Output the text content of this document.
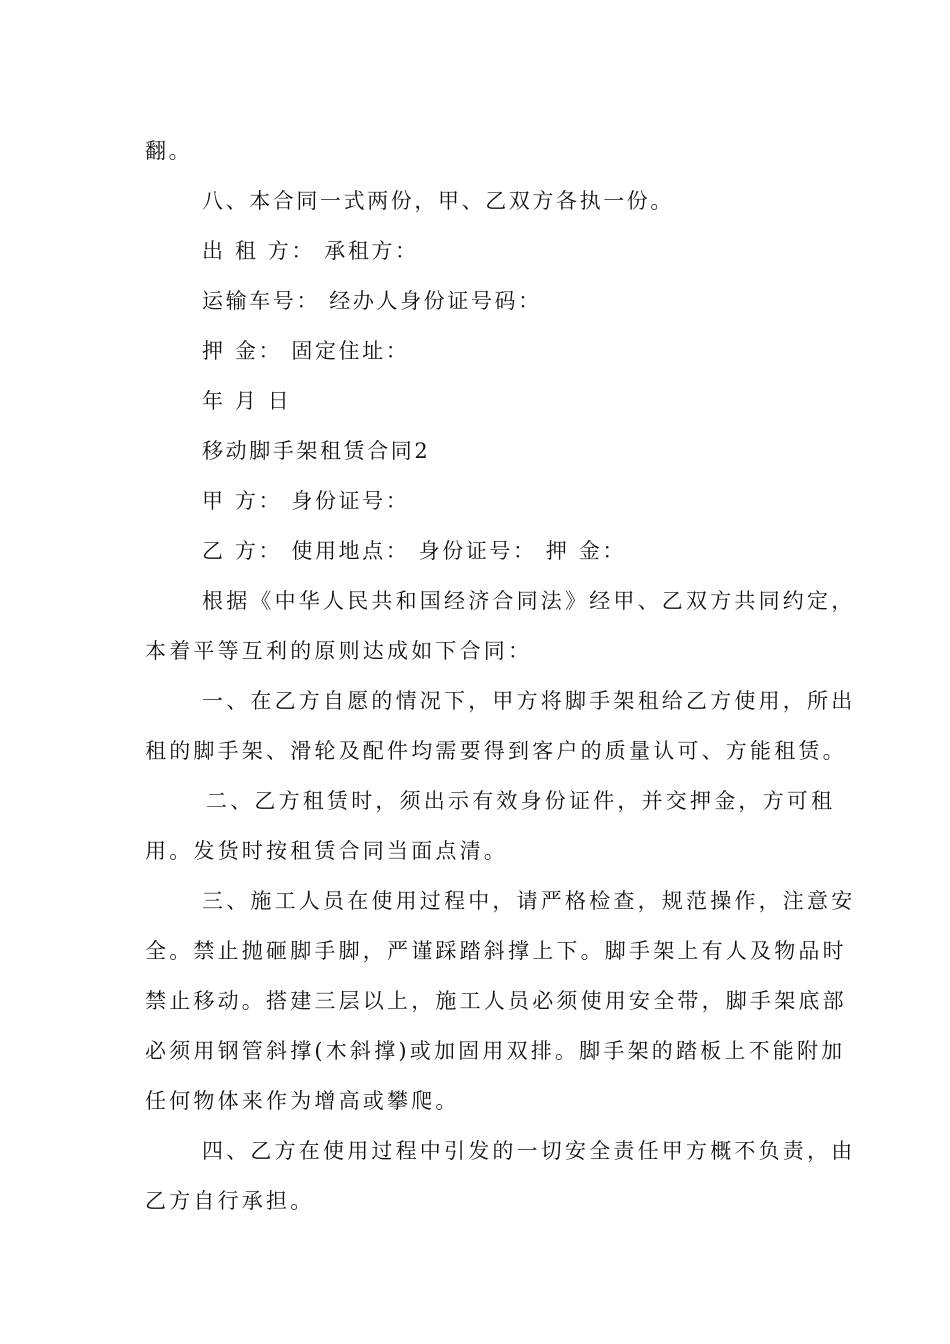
翻。
八、本合同一式两份，甲、乙双方各执一份。
出 租 方： 承租方：
运输车号： 经办人身份证号码：
押 金： 固定住址：
年 月 日
移动脚手架租赁合同2
甲 方： 身份证号：
乙 方： 使用地点： 身份证号： 押 金：
根据《中华人民共和国经济合同法》经甲、乙双方共同约定，
本着平等互利的原则达成如下合同：
一、在乙方自愿的情况下，甲方将脚手架租给乙方使用，所出
租的脚手架、滑轮及配件均需要得到客户的质量认可、方能租赁。
二、乙方租赁时，须出示有效身份证件，并交押金，方可租
用。发货时按租赁合同当面点清。
三、施工人员在使用过程中，请严格检查，规范操作，注意安
全。禁止抛砸脚手脚，严谨踩踏斜撑上下。脚手架上有人及物品时
禁止移动。搭建三层以上，施工人员必须使用安全带，脚手架底部
必须用钢管斜撑(木斜撑)或加固用双排。脚手架的踏板上不能附加
任何物体来作为增高或攀爬。
四、乙方在使用过程中引发的一切安全责任甲方概不负责，由
乙方自行承担。
